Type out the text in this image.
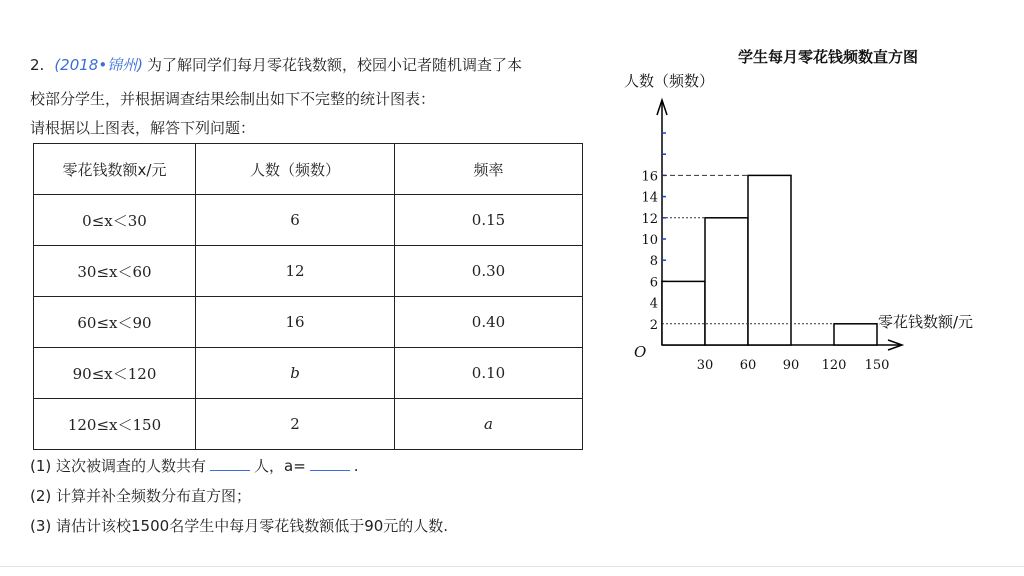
2. (2018•锦州) 为了解同学们每月零花钱数额，校园小记者随机调查了本
校部分学生，并根据调查结果绘制出如下不完整的统计图表：
请根据以上图表，解答下列问题：
零花钱数额x/元	人数（频数）	频率
0≤x＜30	6	0.15
30≤x＜60	12	0.30
60≤x＜90	16	0.40
90≤x＜120	b	0.10
120≤x＜150	2	a
(1) 这次被调查的人数共有	人，a=	.
(2) 计算并补全频数分布直方图；
(3) 请估计该校1500名学生中每月零花钱数额低于90元的人数.
学生每月零花钱频数直方图
人数（频数）
O
零花钱数额/元
2
4
6
8
10
12
14
16
30 60 90 120 150
